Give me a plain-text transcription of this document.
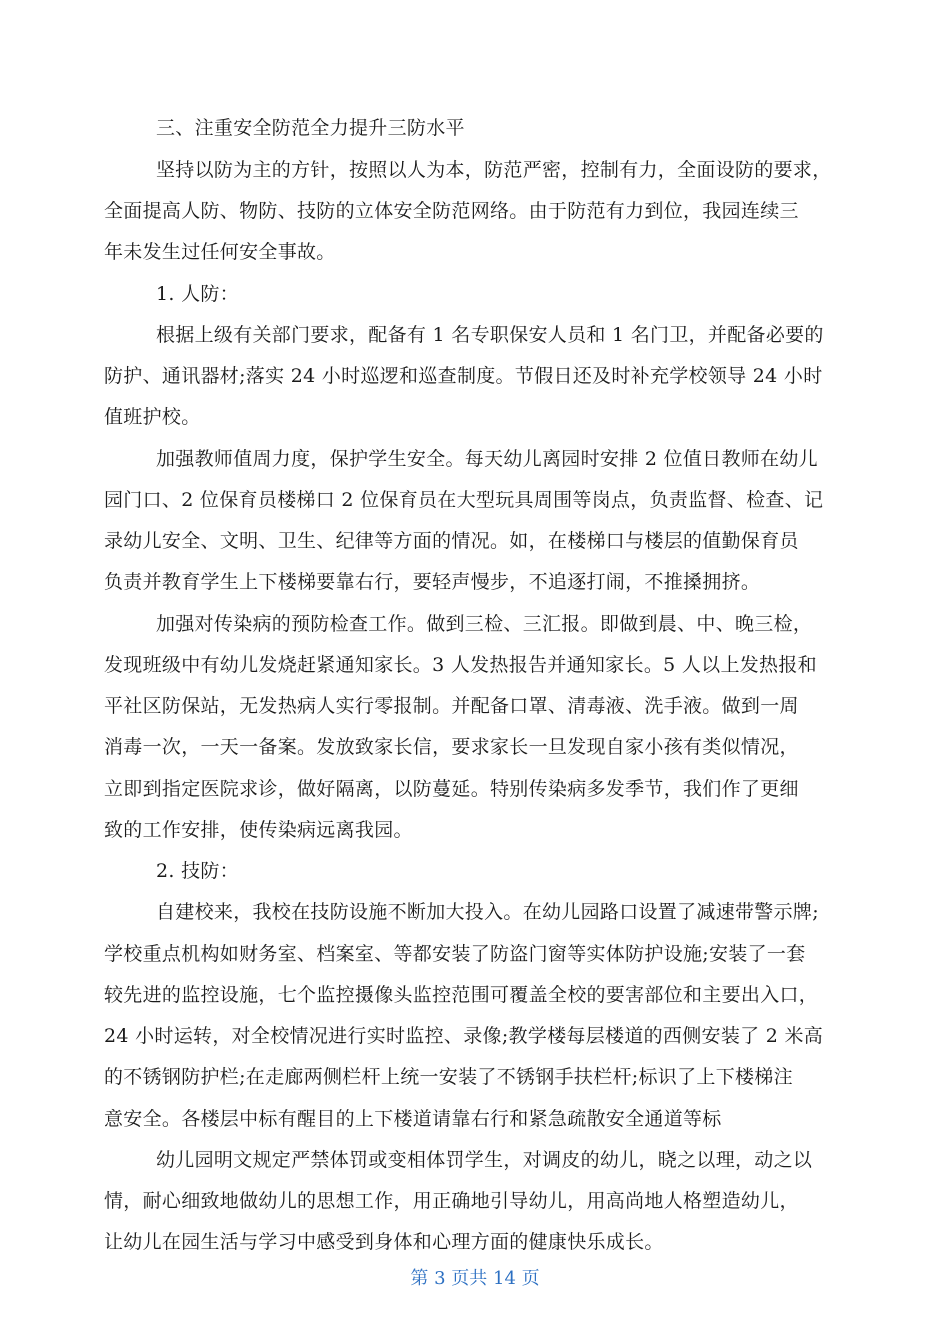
三、注重安全防范全力提升三防水平
坚持以防为主的方针，按照以人为本，防范严密，控制有力，全面设防的要求，
全面提高人防、物防、技防的立体安全防范网络。由于防范有力到位，我园连续三
年未发生过任何安全事故。
1. 人防：
根据上级有关部门要求，配备有 1 名专职保安人员和 1 名门卫，并配备必要的
防护、通讯器材;落实 24 小时巡逻和巡查制度。节假日还及时补充学校领导 24 小时
值班护校。
加强教师值周力度，保护学生安全。每天幼儿离园时安排 2 位值日教师在幼儿
园门口、2 位保育员楼梯口 2 位保育员在大型玩具周围等岗点，负责监督、检查、记
录幼儿安全、文明、卫生、纪律等方面的情况。如，在楼梯口与楼层的值勤保育员
负责并教育学生上下楼梯要靠右行，要轻声慢步，不追逐打闹，不推搡拥挤。
加强对传染病的预防检查工作。做到三检、三汇报。即做到晨、中、晚三检，
发现班级中有幼儿发烧赶紧通知家长。3 人发热报告并通知家长。5 人以上发热报和
平社区防保站，无发热病人实行零报制。并配备口罩、清毒液、洗手液。做到一周
消毒一次，一天一备案。发放致家长信，要求家长一旦发现自家小孩有类似情况，
立即到指定医院求诊，做好隔离，以防蔓延。特别传染病多发季节，我们作了更细
致的工作安排，使传染病远离我园。
2. 技防：
自建校来，我校在技防设施不断加大投入。在幼儿园路口设置了减速带警示牌;
学校重点机构如财务室、档案室、等都安装了防盗门窗等实体防护设施;安装了一套
较先进的监控设施，七个监控摄像头监控范围可覆盖全校的要害部位和主要出入口，
24 小时运转，对全校情况进行实时监控、录像;教学楼每层楼道的西侧安装了 2 米高
的不锈钢防护栏;在走廊两侧栏杆上统一安装了不锈钢手扶栏杆;标识了上下楼梯注
意安全。各楼层中标有醒目的上下楼道请靠右行和紧急疏散安全通道等标
幼儿园明文规定严禁体罚或变相体罚学生，对调皮的幼儿，晓之以理，动之以
情，耐心细致地做幼儿的思想工作，用正确地引导幼儿，用高尚地人格塑造幼儿，
让幼儿在园生活与学习中感受到身体和心理方面的健康快乐成长。
第 3 页共 14 页
